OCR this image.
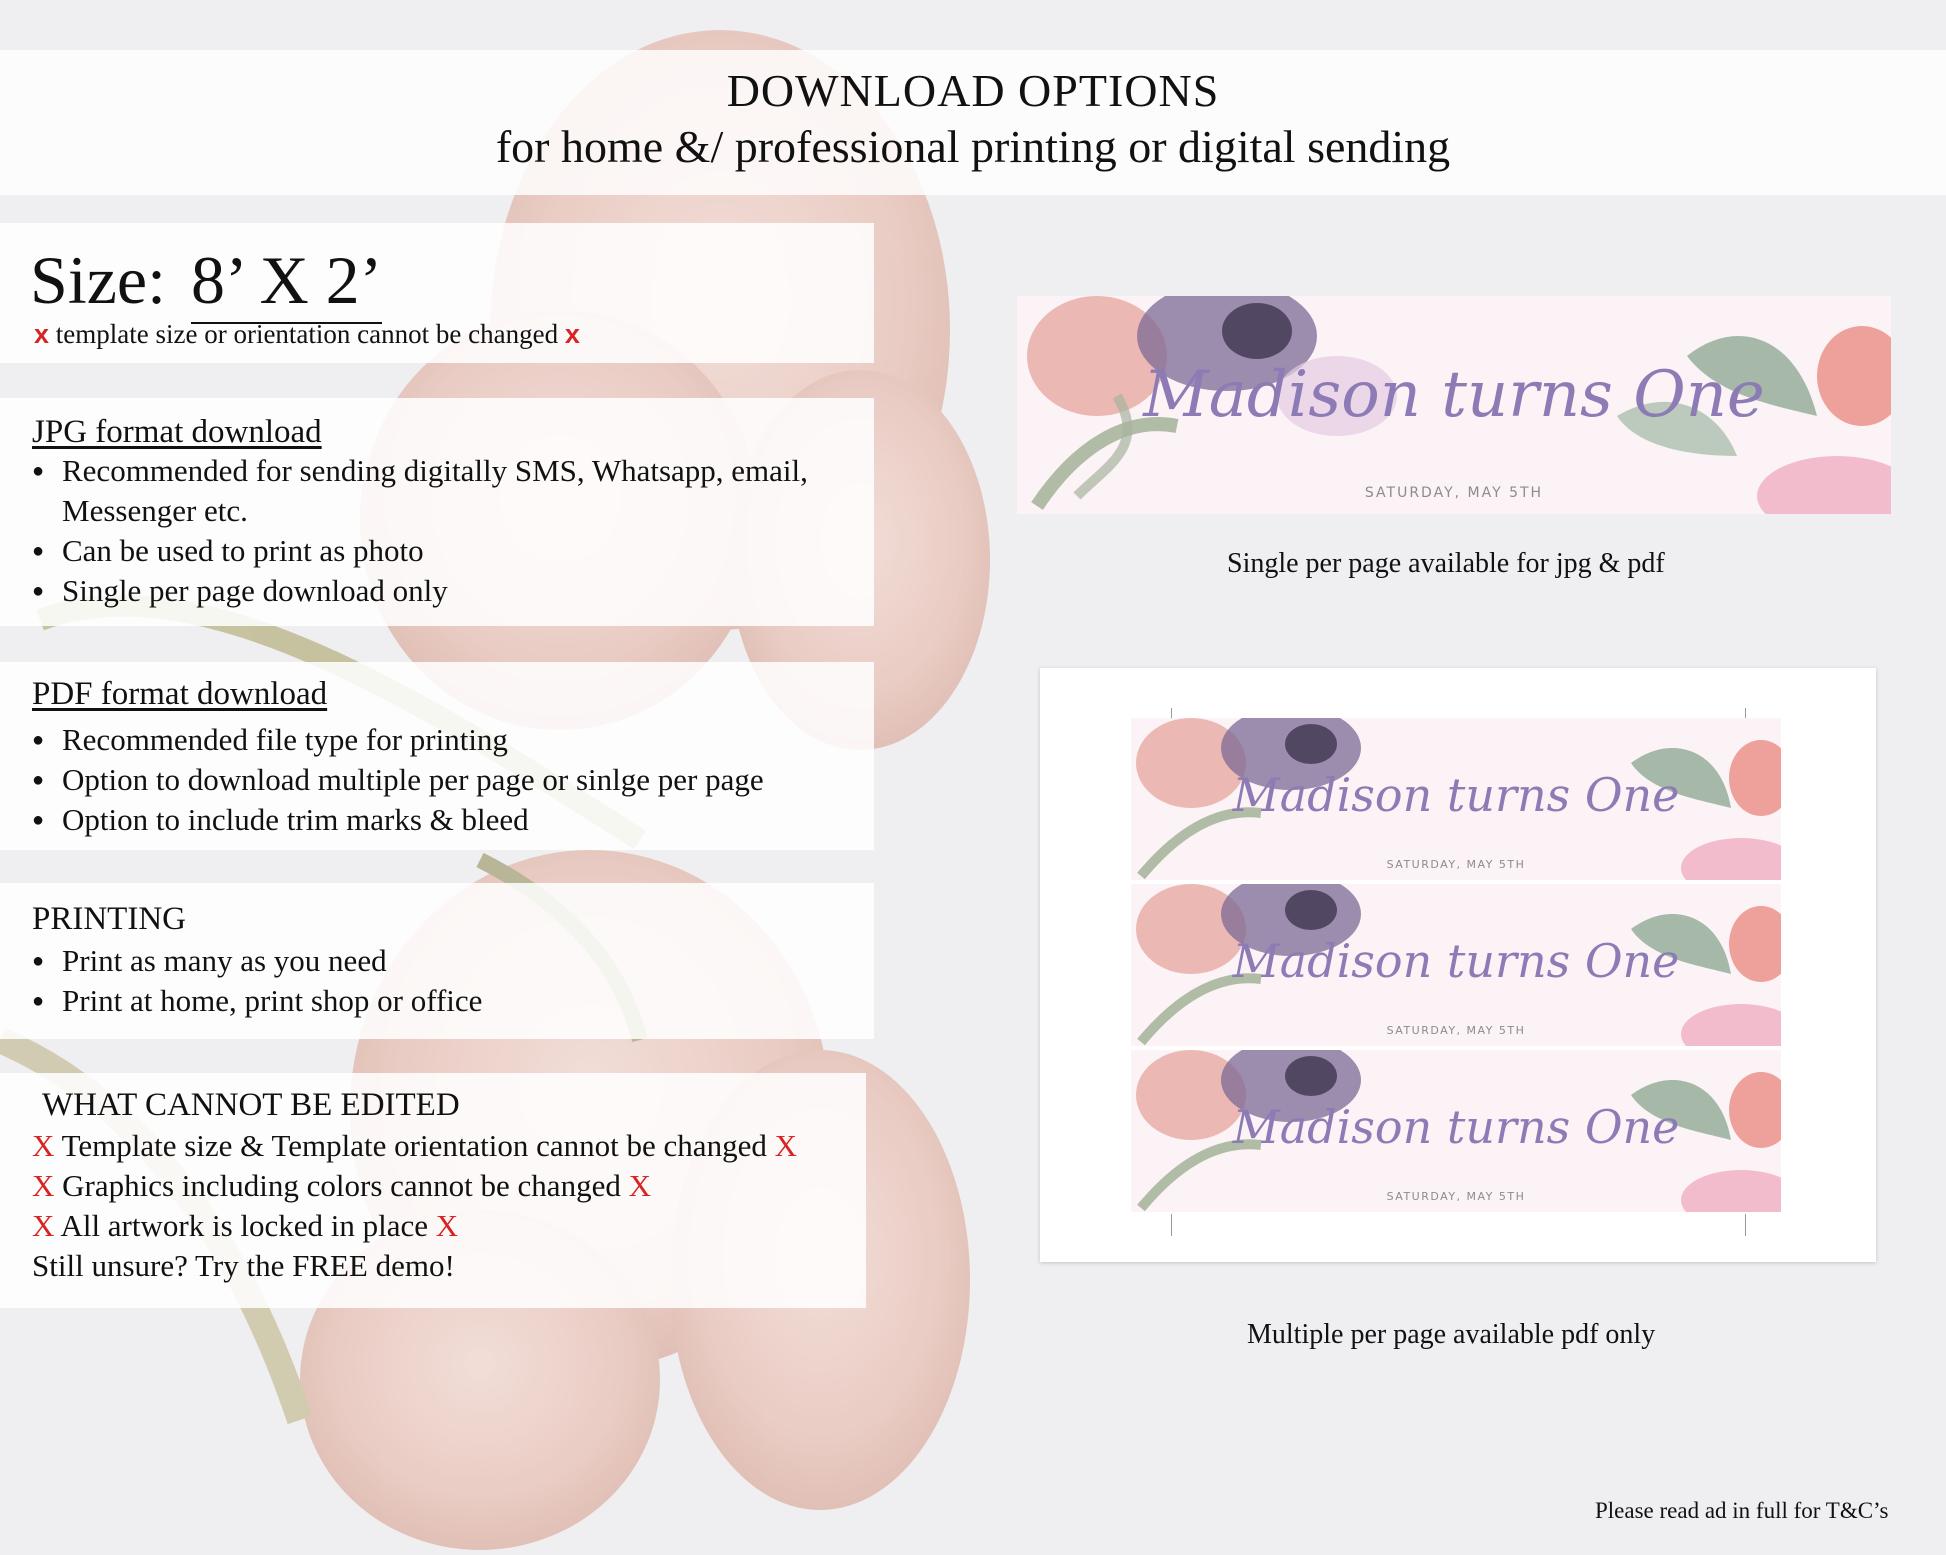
DOWNLOAD OPTIONS
for home &/ professional printing or digital sending
Size: 8’ X 2’
x template size or orientation cannot be changed x
JPG format download
● Recommended for sending digitally SMS, Whatsapp, email, Messenger etc.
● Can be used to print as photo
● Single per page download only
PDF format download
● Recommended file type for printing
● Option to download multiple per page or sinlge per page
● Option to include trim marks & bleed
PRINTING
● Print as many as you need
● Print at home, print shop or office
WHAT CANNOT BE EDITED
X Template size & Template orientation cannot be changed X
X Graphics including colors cannot be changed X
X All artwork is locked in place X
Still unsure? Try the FREE demo!
Madison turns One
SATURDAY, MAY 5TH
Single per page available for jpg & pdf
Madison turns One
SATURDAY, MAY 5TH
Madison turns One
SATURDAY, MAY 5TH
Madison turns One
SATURDAY, MAY 5TH
Multiple per page available pdf only
Please read ad in full for T&C’s
